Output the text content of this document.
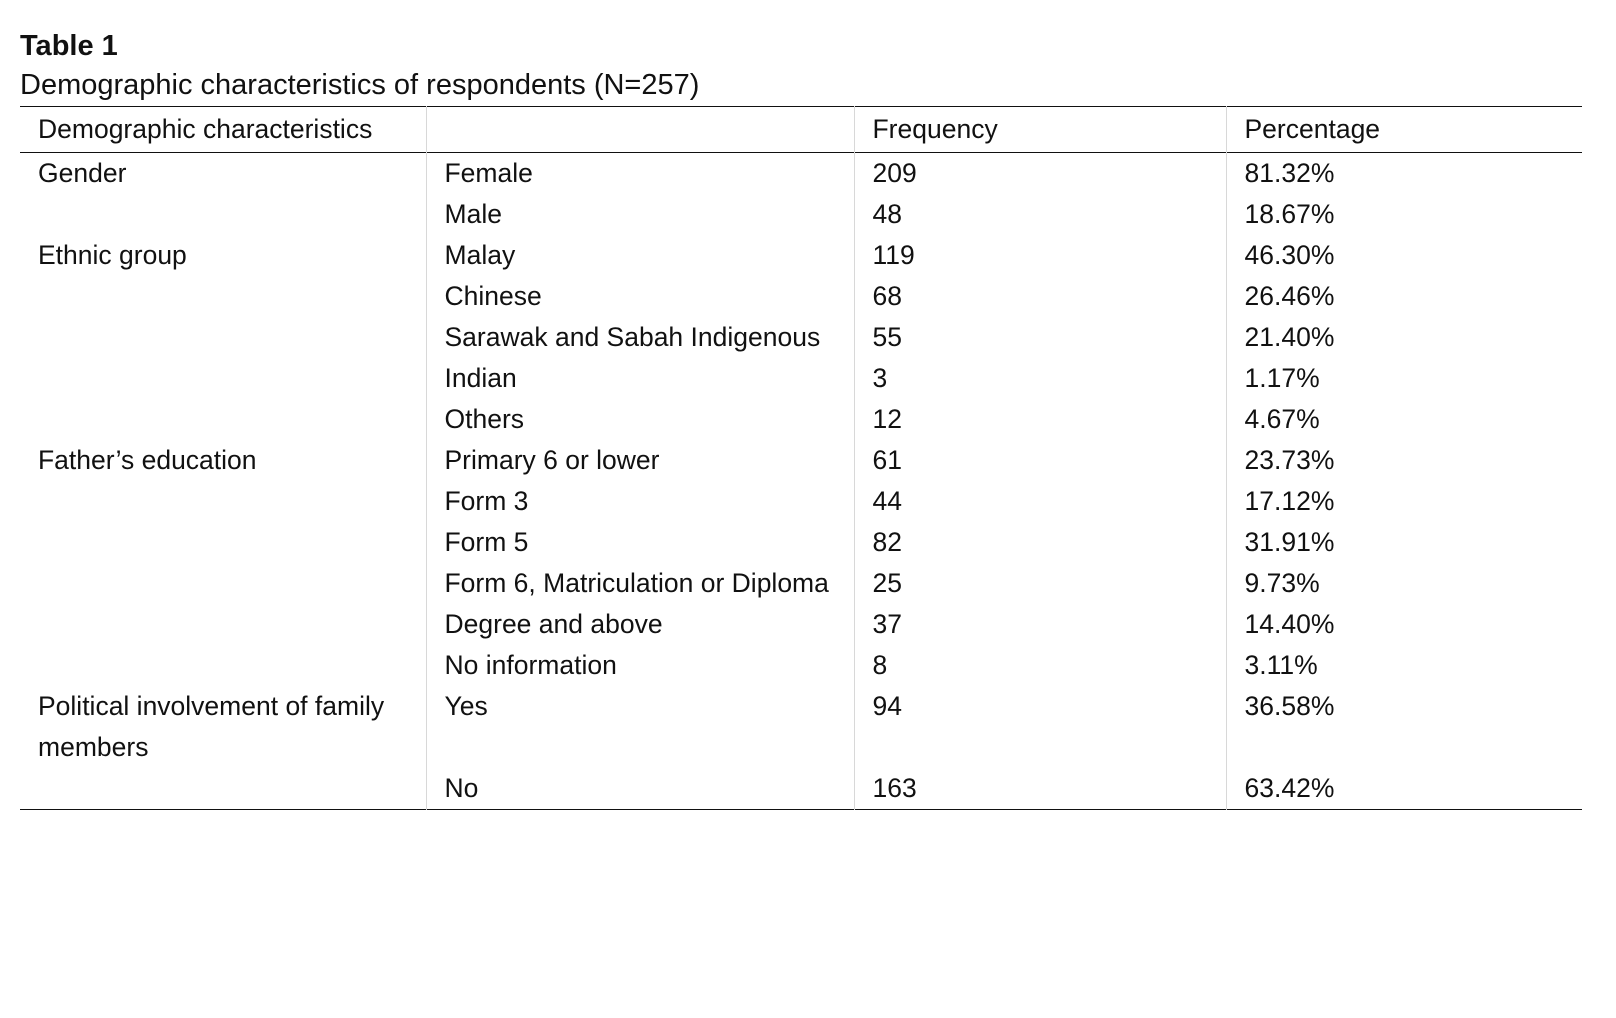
Table 1

Demographic characteristics of respondents (N=257)

Demographic characteristics		Frequency	Percentage
Gender	Female	209	81.32%
	Male	48	18.67%
Ethnic group	Malay	119	46.30%
	Chinese	68	26.46%
	Sarawak and Sabah Indigenous	55	21.40%
	Indian	3	1.17%
	Others	12	4.67%
Father’s education	Primary 6 or lower	61	23.73%
	Form 3	44	17.12%
	Form 5	82	31.91%
	Form 6, Matriculation or Diploma	25	9.73%
	Degree and above	37	14.40%
	No information	8	3.11%
Political involvement of family members	Yes	94	36.58%
	No	163	63.42%
